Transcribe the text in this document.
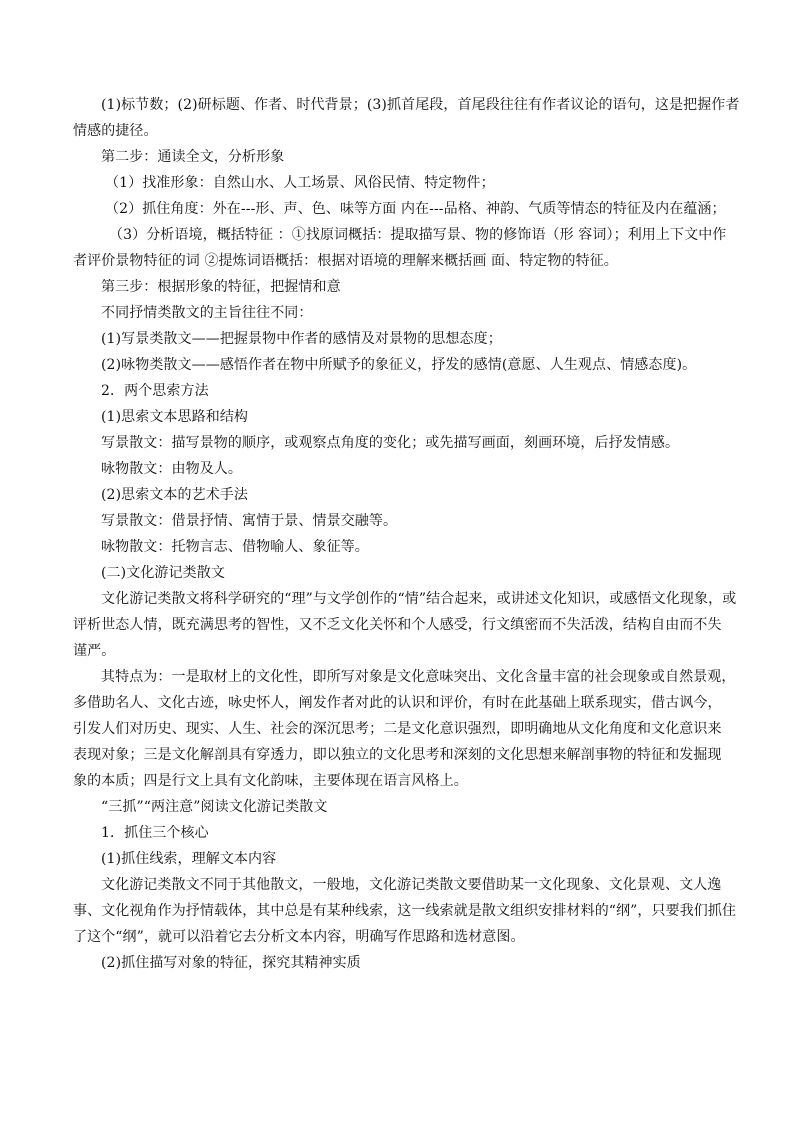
(1)标节数；(2)研标题、作者、时代背景；(3)抓首尾段，首尾段往往有作者议论的语句，这是把握作者
情感的捷径。
第二步：通读全文，分析形象
（1）找准形象：自然山水、人工场景、风俗民情、特定物件；
（2）抓住角度：外在---形、声、色、味等方面 内在---品格、神韵、气质等情态的特征及内在蕴涵；
（3）分析语境，概括特征 ：①找原词概括：提取描写景、物的修饰语（形 容词）；利用上下文中作
者评价景物特征的词 ②提炼词语概括：根据对语境的理解来概括画 面、特定物的特征。
第三步：根据形象的特征，把握情和意
不同抒情类散文的主旨往往不同：
(1)写景类散文——把握景物中作者的感情及对景物的思想态度；
(2)咏物类散文——感悟作者在物中所赋予的象征义，抒发的感情(意愿、人生观点、情感态度)。
2．两个思索方法
(1)思索文本思路和结构
写景散文：描写景物的顺序，或观察点角度的变化；或先描写画面，刻画环境，后抒发情感。
咏物散文：由物及人。
(2)思索文本的艺术手法
写景散文：借景抒情、寓情于景、情景交融等。
咏物散文：托物言志、借物喻人、象征等。
(二)文化游记类散文
文化游记类散文将科学研究的“理”与文学创作的“情”结合起来，或讲述文化知识，或感悟文化现象，或
评析世态人情，既充满思考的智性，又不乏文化关怀和个人感受，行文缜密而不失活泼，结构自由而不失
谨严。
其特点为：一是取材上的文化性，即所写对象是文化意味突出、文化含量丰富的社会现象或自然景观，
多借助名人、文化古迹，咏史怀人，阐发作者对此的认识和评价，有时在此基础上联系现实，借古讽今，
引发人们对历史、现实、人生、社会的深沉思考；二是文化意识强烈，即明确地从文化角度和文化意识来
表现对象；三是文化解剖具有穿透力，即以独立的文化思考和深刻的文化思想来解剖事物的特征和发掘现
象的本质；四是行文上具有文化韵味，主要体现在语言风格上。
“三抓”“两注意”阅读文化游记类散文
1．抓住三个核心
(1)抓住线索，理解文本内容
文化游记类散文不同于其他散文，一般地，文化游记类散文要借助某一文化现象、文化景观、文人逸
事、文化视角作为抒情载体，其中总是有某种线索，这一线索就是散文组织安排材料的“纲”，只要我们抓住
了这个“纲”，就可以沿着它去分析文本内容，明确写作思路和选材意图。
(2)抓住描写对象的特征，探究其精神实质
